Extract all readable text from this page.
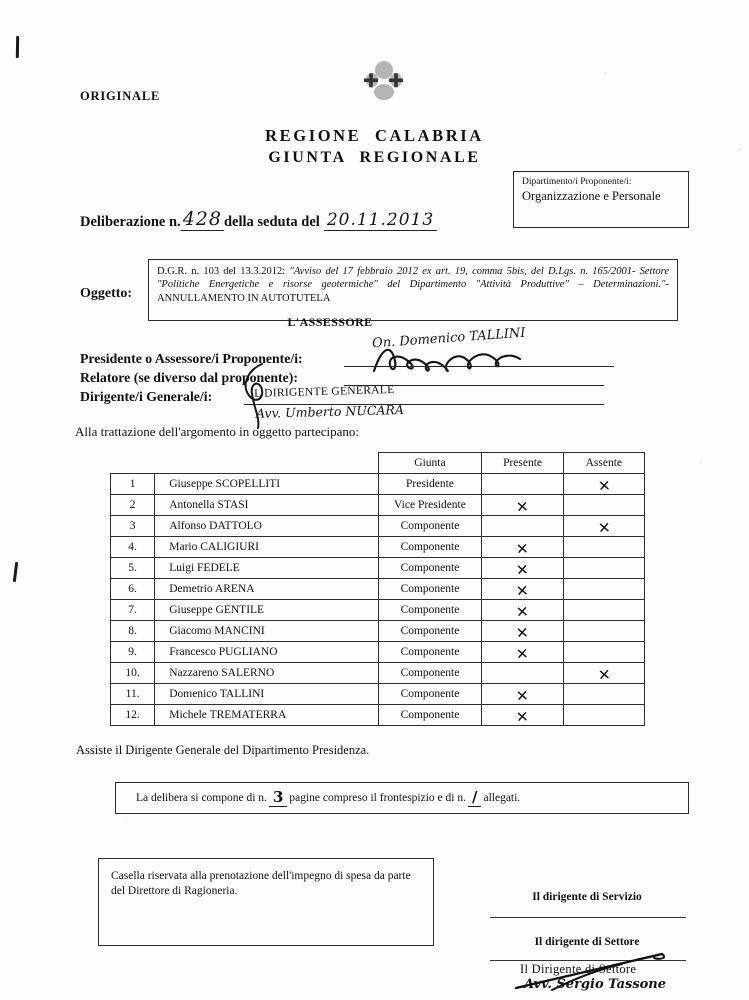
ORIGINALE
REGIONE CALABRIA
GIUNTA REGIONALE
Dipartimento/i Proponente/i:
Organizzazione e Personale
Deliberazione n. 428 della seduta del 20.11.2013
Oggetto:
D.G.R. n. 103 del 13.3.2012: "Avviso del 17 febbraio 2012 ex art. 19, comma 5bis, del D.Lgs. n. 165/2001- Settore "Politiche Energetiche e risorse geotermiche" del Dipartimento "Attività Produttive" – Determinazioni."- ANNULLAMENTO IN AUTOTUTELA
L'ASSESSORE
On. Domenico TALLINI
Presidente o Assessore/i Proponente/i:
Relatore (se diverso dal proponente):
Dirigente/i Generale/i:	IL DIRIGENTE GENERALE
Avv. Umberto NUCARA
Alla trattazione dell'argomento in oggetto partecipano:
		Giunta	Presente	Assente
1	Giuseppe SCOPELLITI	Presidente		✕
2	Antonella STASI	Vice Presidente	✕	
3	Alfonso DATTOLO	Componente		✕
4.	Mario CALIGIURI	Componente	✕	
5.	Luigi FEDELE	Componente	✕	
6.	Demetrio ARENA	Componente	✕	
7.	Giuseppe GENTILE	Componente	✕	
8.	Giacomo MANCINI	Componente	✕	
9.	Francesco PUGLIANO	Componente	✕	
10.	Nazzareno SALERNO	Componente		✕
11.	Domenico TALLINI	Componente	✕	
12.	Michele TREMATERRA	Componente	✕	
Assiste il Dirigente Generale del Dipartimento Presidenza.
La delibera si compone di n. 3 pagine compreso il frontespizio e di n. / allegati.
Casella riservata alla prenotazione dell'impegno di spesa da parte del Direttore di Ragioneria.
Il dirigente di Servizio
Il dirigente di Settore
Il Dirigente di Settore
Avv. Sergio Tassone
